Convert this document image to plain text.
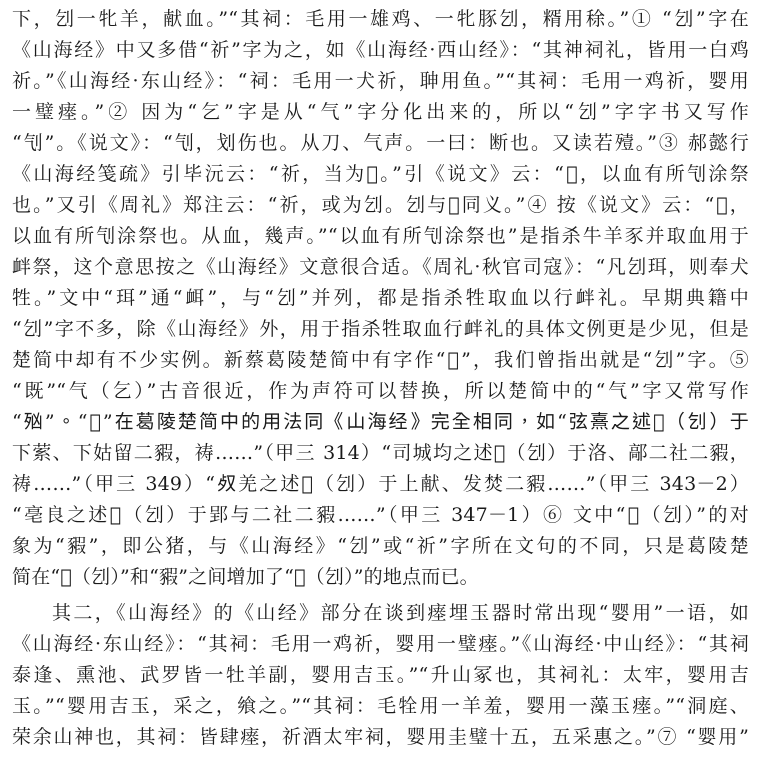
下，刉一牝羊，献血。”“其祠：毛用一雄鸡、一牝豚刉，糈用稌。”① “刉”字在
《山海经》中又多借“祈”字为之，如《山海经·西山经》：“其神祠礼，皆用一白鸡
祈。”《山海经·东山经》：“祠：毛用一犬祈，䎶用鱼。”“其祠：毛用一鸡祈，婴用
一璧瘗。”② 因为“乞”字是从“气”字分化出来的，所以“刉”字字书又写作
“刏”。《说文》：“刏，划伤也。从刀、气声。一曰：断也。又读若殪。”③ 郝懿行
《山海经笺疏》引毕沅云：“祈，当为𧇏。”引《说文》云：“𧇏，以血有所刏涂祭
也。”又引《周礼》郑注云：“祈，或为刉。刉与𧇏同义。”④ 按《说文》云：“𧇏，
以血有所刏涂祭也。从血，幾声。”“以血有所刏涂祭也”是指杀牛羊豕并取血用于
衅祭，这个意思按之《山海经》文意很合适。《周礼·秋官司寇》：“凡刉珥，则奉犬
牲。”文中“珥”通“衈”，与“刉”并列，都是指杀牲取血以行衅礼。早期典籍中
“刉”字不多，除《山海经》外，用于指杀牲取血行衅礼的具体文例更是少见，但是
楚简中却有不少实例。新蔡葛陵楚简中有字作“𧧮”，我们曾指出就是“刉”字。⑤
“既”“气（乞）”古音很近，作为声符可以替换，所以楚简中的“气”字又常写作
“𣧑”。“𧧮”在葛陵楚简中的用法同《山海经》完全相同，如“弦熹之述𧧮（刉）于
下萦、下姑留二豭，祷……”（甲三 314）“司城均之述𧧮（刉）于洛、鄗二社二豭，
祷……”（甲三 349）“𣦼羌之述𧧮（刉）于上献、发焚二豭……”（甲三 343－2）
“亳良之述𧧮（刉）于郢与二社二豭……”（甲三 347－1）⑥ 文中“𧧮（刉）”的对
象为“豭”，即公猪，与《山海经》“刉”或“祈”字所在文句的不同，只是葛陵楚
简在“𧧮（刉）”和“豭”之间增加了“𧧮（刉）”的地点而已。
其二，《山海经》的《山经》部分在谈到瘗埋玉器时常出现“婴用”一语，如
《山海经·东山经》：“其祠：毛用一鸡祈，婴用一璧瘗。”《山海经·中山经》：“其祠
泰逢、熏池、武罗皆一牡羊副，婴用吉玉。”“升山冢也，其祠礼：太牢，婴用吉
玉。”“婴用吉玉，采之，飨之。”“其祠：毛牷用一羊羞，婴用一藻玉瘗。”“洞庭、
荣余山神也，其祠：皆肆瘗，祈酒太牢祠，婴用圭璧十五，五采惠之。”⑦ “婴用”
